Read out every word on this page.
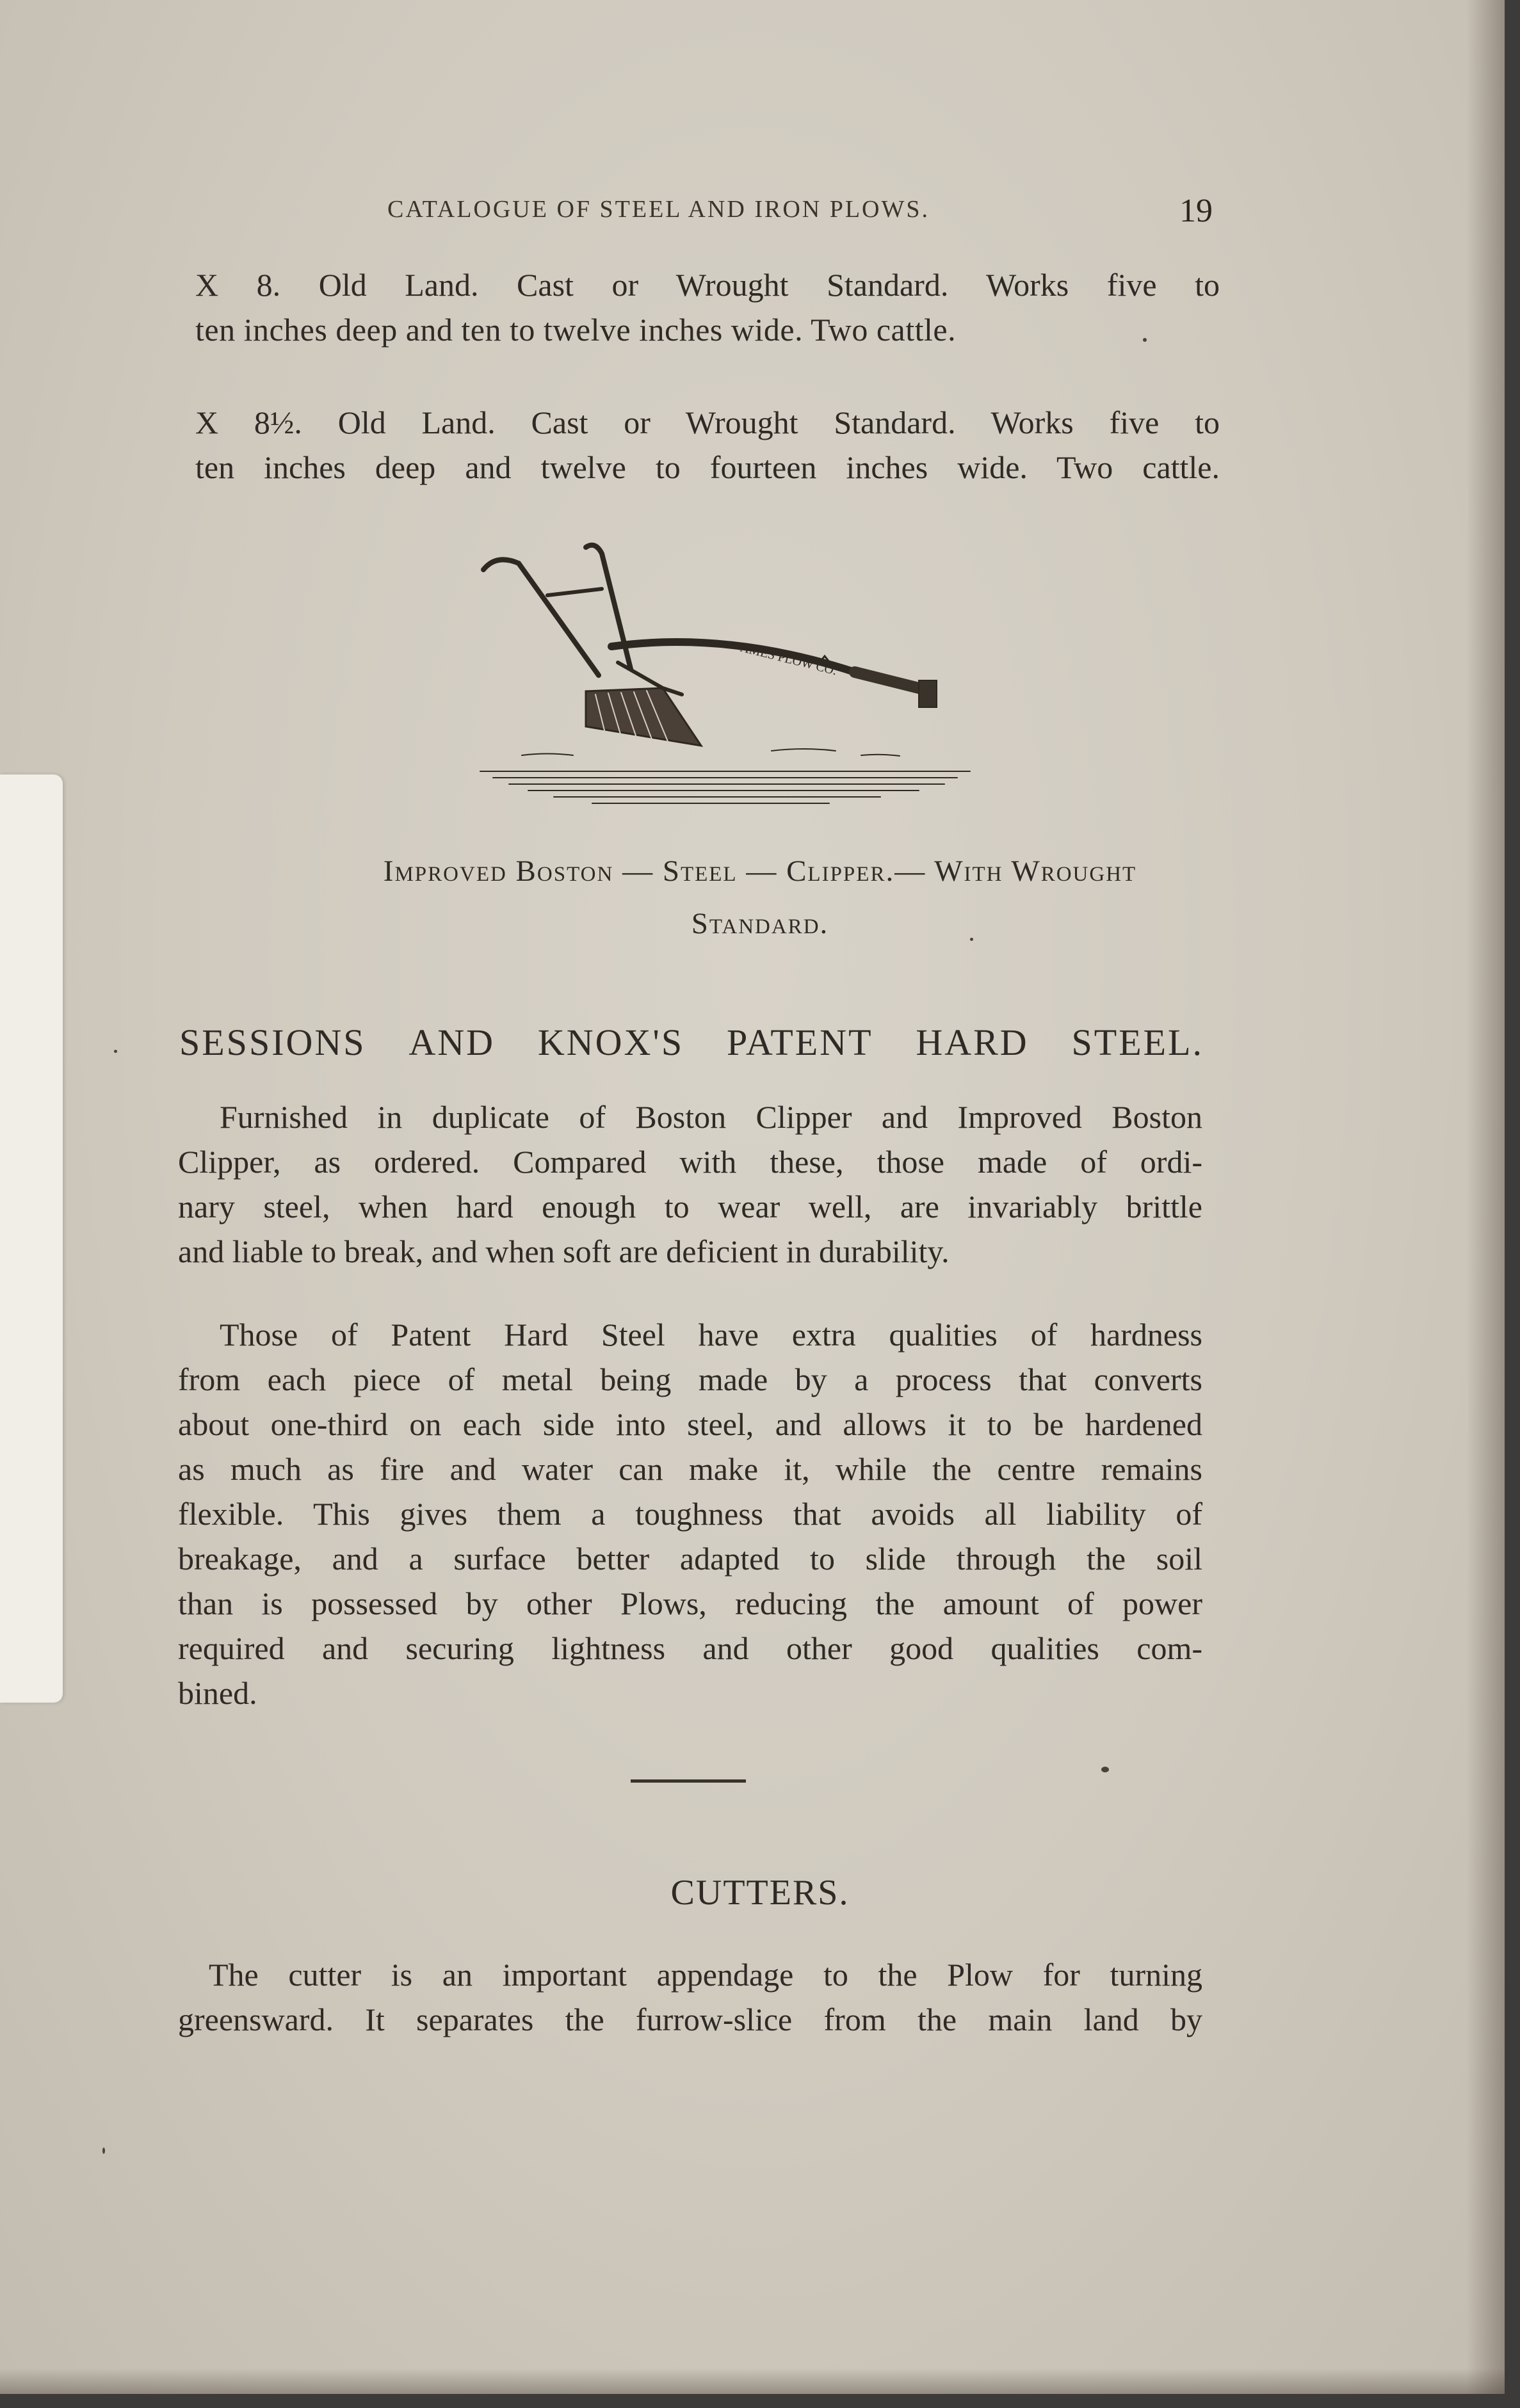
CATALOGUE OF STEEL AND IRON PLOWS.	19
X 8. Old Land. Cast or Wrought Standard. Works five to
ten inches deep and ten to twelve inches wide. Two cattle.
X 8½. Old Land. Cast or Wrought Standard. Works five to
ten inches deep and twelve to fourteen inches wide. Two cattle.
AMES PLOW CO.
Improved Boston — Steel — Clipper.— With Wrought
Standard.
SESSIONS AND KNOX'S PATENT HARD STEEL.
Furnished in duplicate of Boston Clipper and Improved Boston
Clipper, as ordered. Compared with these, those made of ordi-
nary steel, when hard enough to wear well, are invariably brittle
and liable to break, and when soft are deficient in durability.
Those of Patent Hard Steel have extra qualities of hardness
from each piece of metal being made by a process that converts
about one-third on each side into steel, and allows it to be hardened
as much as fire and water can make it, while the centre remains
flexible. This gives them a toughness that avoids all liability of
breakage, and a surface better adapted to slide through the soil
than is possessed by other Plows, reducing the amount of power
required and securing lightness and other good qualities com-
bined.
CUTTERS.
The cutter is an important appendage to the Plow for turning
greensward. It separates the furrow-slice from the main land by
